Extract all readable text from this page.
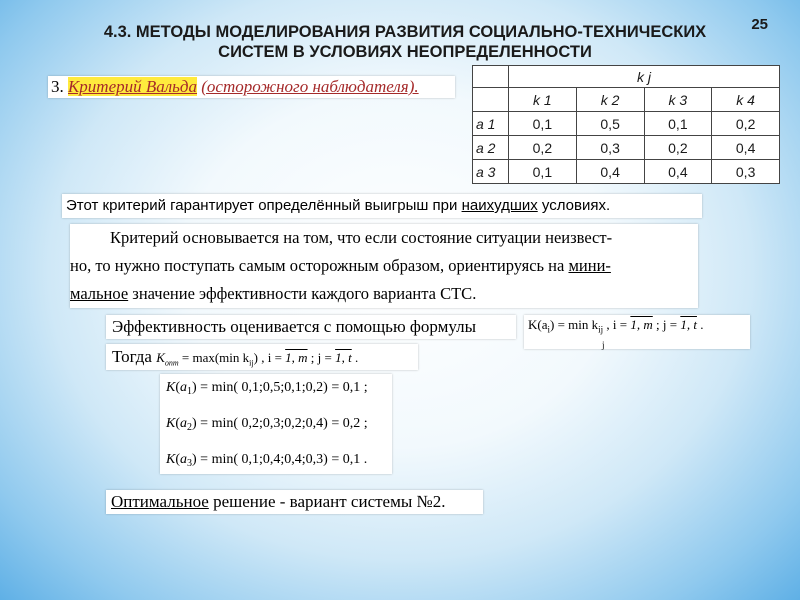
25
4.3. МЕТОДЫ МОДЕЛИРОВАНИЯ РАЗВИТИЯ СОЦИАЛЬНО-ТЕХНИЧЕСКИХ
СИСТЕМ В УСЛОВИЯХ НЕОПРЕДЕЛЕННОСТИ
3. Критерий Вальда (осторожного наблюдателя).
	k j			
	k 1	k 2	k 3	k 4
a 1	0,1	0,5	0,1	0,2
a 2	0,2	0,3	0,2	0,4
a 3	0,1	0,4	0,4	0,3
Этот критерий гарантирует определённый выигрыш при наихудших условиях.
Критерий основывается на том, что если состояние ситуации неизвест-
но, то нужно поступать самым осторожным образом, ориентируясь на мини-
мальное значение эффективности каждого варианта СТС.
Эффективность оценивается с помощью формулы	$K(a_i) = \min k_{ij}$ , i = 1, m ; j = 1, t .
j
Тогда $K_{опт} = \max(\min$ $k_{ij}$) , i = 1, m ; j = 1, t .
$K(a_1) = \min$( 0,1;0,5;0,1;0,2) = 0,1 ;
$K(a_2) = \min$( 0,2;0,3;0,2;0,4) = 0,2 ;
$K(a_3) = \min$( 0,1;0,4;0,4;0,3) = 0,1 .
Оптимальное решение - вариант системы №2.
